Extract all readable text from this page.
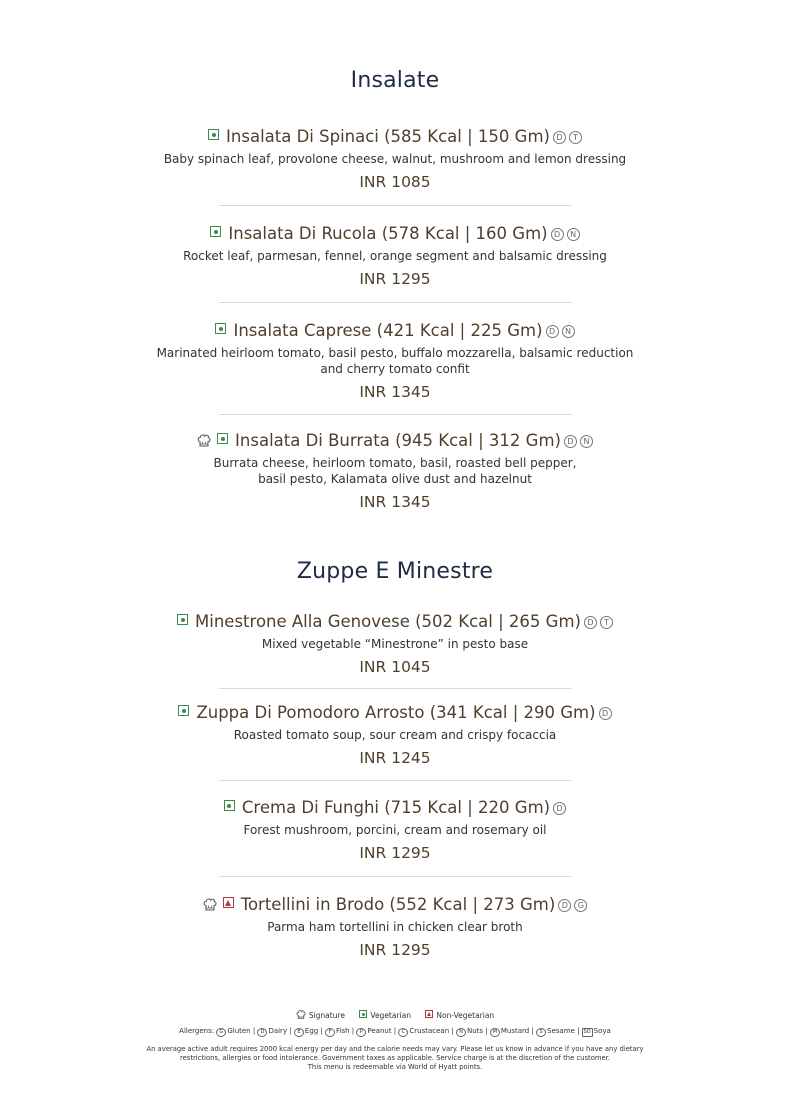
Insalate
Insalata Di Spinaci (585 Kcal | 150 Gm) D T
Baby spinach leaf, provolone cheese, walnut, mushroom and lemon dressing
INR 1085
Insalata Di Rucola (578 Kcal | 160 Gm) D N
Rocket leaf, parmesan, fennel, orange segment and balsamic dressing
INR 1295
Insalata Caprese (421 Kcal | 225 Gm) D N
Marinated heirloom tomato, basil pesto, buffalo mozzarella, balsamic reduction
and cherry tomato confit
INR 1345
Insalata Di Burrata (945 Kcal | 312 Gm) D N
Burrata cheese, heirloom tomato, basil, roasted bell pepper,
basil pesto, Kalamata olive dust and hazelnut
INR 1345
Zuppe E Minestre
Minestrone Alla Genovese (502 Kcal | 265 Gm) D T
Mixed vegetable “Minestrone” in pesto base
INR 1045
Zuppa Di Pomodoro Arrosto (341 Kcal | 290 Gm) D
Roasted tomato soup, sour cream and crispy focaccia
INR 1245
Crema Di Funghi (715 Kcal | 220 Gm) D
Forest mushroom, porcini, cream and rosemary oil
INR 1295
Tortellini in Brodo (552 Kcal | 273 Gm) D G
Parma ham tortellini in chicken clear broth
INR 1295
Signature	Vegetarian	Non-Vegetarian
Allergens: G Gluten | D Dairy | E Egg | F Fish | P Peanut | C Crustacean | N Nuts | M Mustard | S Sesame | SO Soya
An average active adult requires 2000 kcal energy per day and the calorie needs may vary. Please let us know in advance if you have any dietary
restrictions, allergies or food intolerance. Government taxes as applicable. Service charge is at the discretion of the customer.
This menu is redeemable via World of Hyatt points.
